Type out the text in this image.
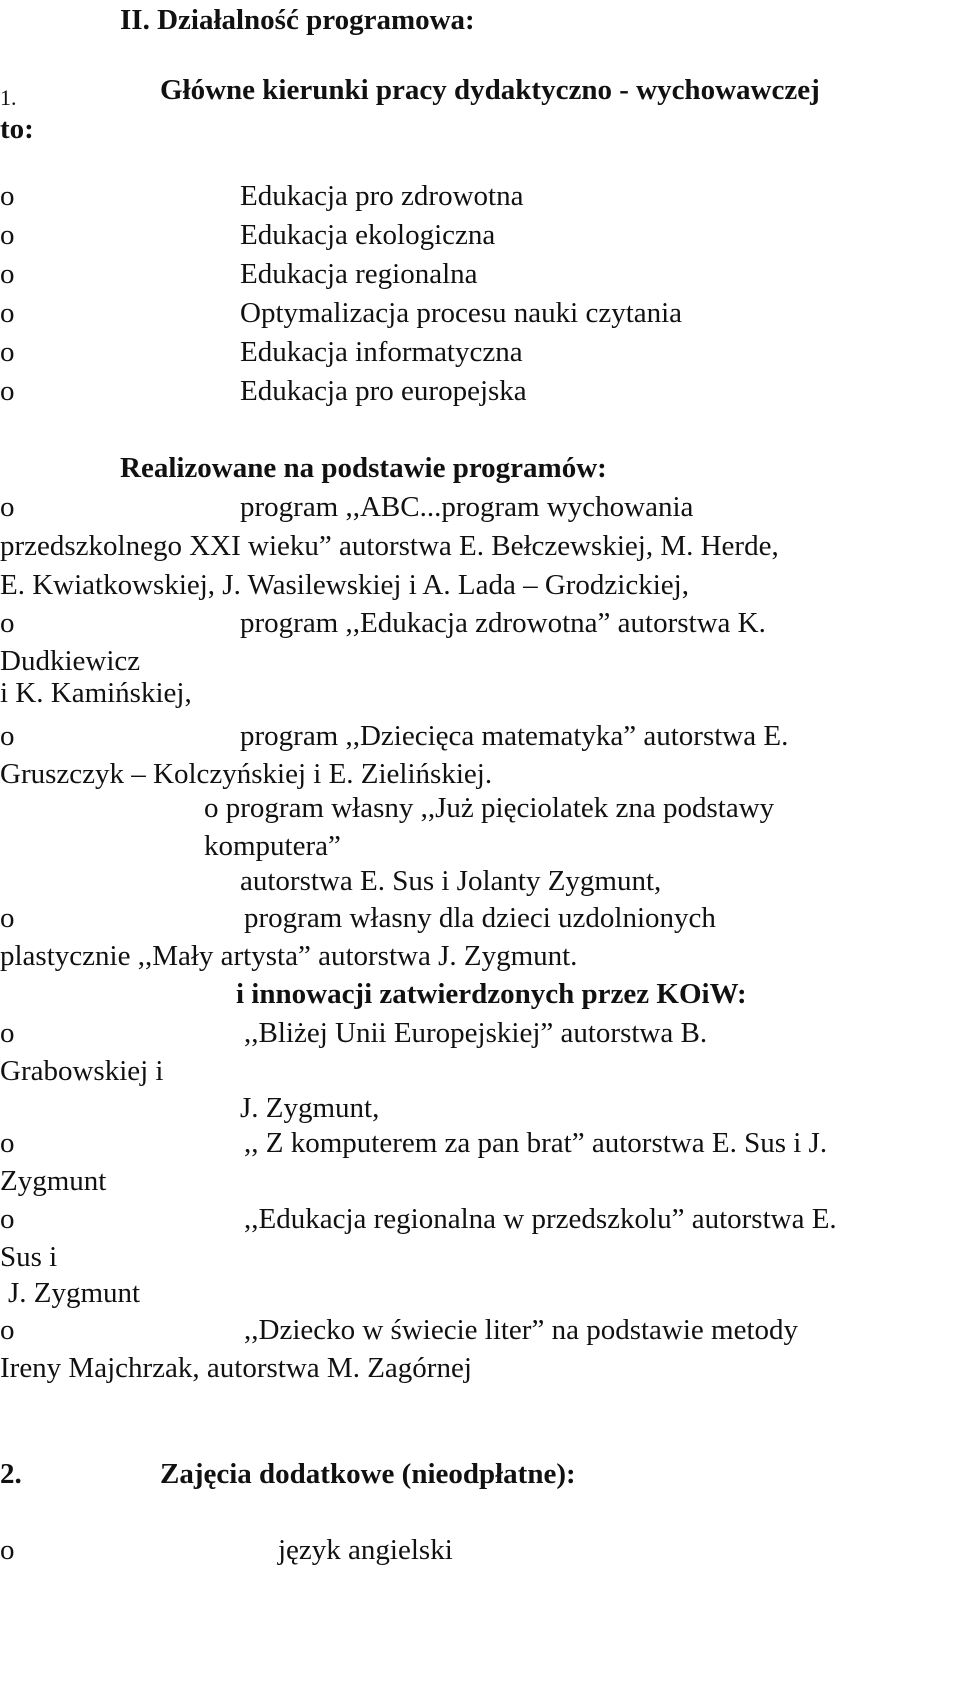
II. Działalność programowa:
1.	Główne kierunki pracy dydaktyczno - wychowawczej
to:
o	Edukacja pro zdrowotna
o	Edukacja ekologiczna
o	Edukacja regionalna
o	Optymalizacja procesu nauki czytania
o	Edukacja informatyczna
o	Edukacja pro europejska
Realizowane na podstawie programów:
o	program ,,ABC...program wychowania
przedszkolnego XXI wieku” autorstwa E. Bełczewskiej, M. Herde,
E. Kwiatkowskiej, J. Wasilewskiej i A. Lada – Grodzickiej,
o	program ,,Edukacja zdrowotna” autorstwa K.
Dudkiewicz
i K. Kamińskiej,
o	program ,,Dziecięca matematyka” autorstwa E.
Gruszczyk – Kolczyńskiej i E. Zielińskiej.
o program własny ,,Już pięciolatek zna podstawy
komputera”
autorstwa E. Sus i Jolanty Zygmunt,
o	program własny dla dzieci uzdolnionych
plastycznie ,,Mały artysta” autorstwa J. Zygmunt.
i innowacji zatwierdzonych przez KOiW:
o	,,Bliżej Unii Europejskiej” autorstwa B.
Grabowskiej i
J. Zygmunt,
o	,, Z komputerem za pan brat” autorstwa E. Sus i J.
Zygmunt
o	,,Edukacja regionalna w przedszkolu” autorstwa E.
Sus i
J. Zygmunt
o	,,Dziecko w świecie liter” na podstawie metody
Ireny Majchrzak, autorstwa M. Zagórnej
2.	Zajęcia dodatkowe (nieodpłatne):
o	język angielski
